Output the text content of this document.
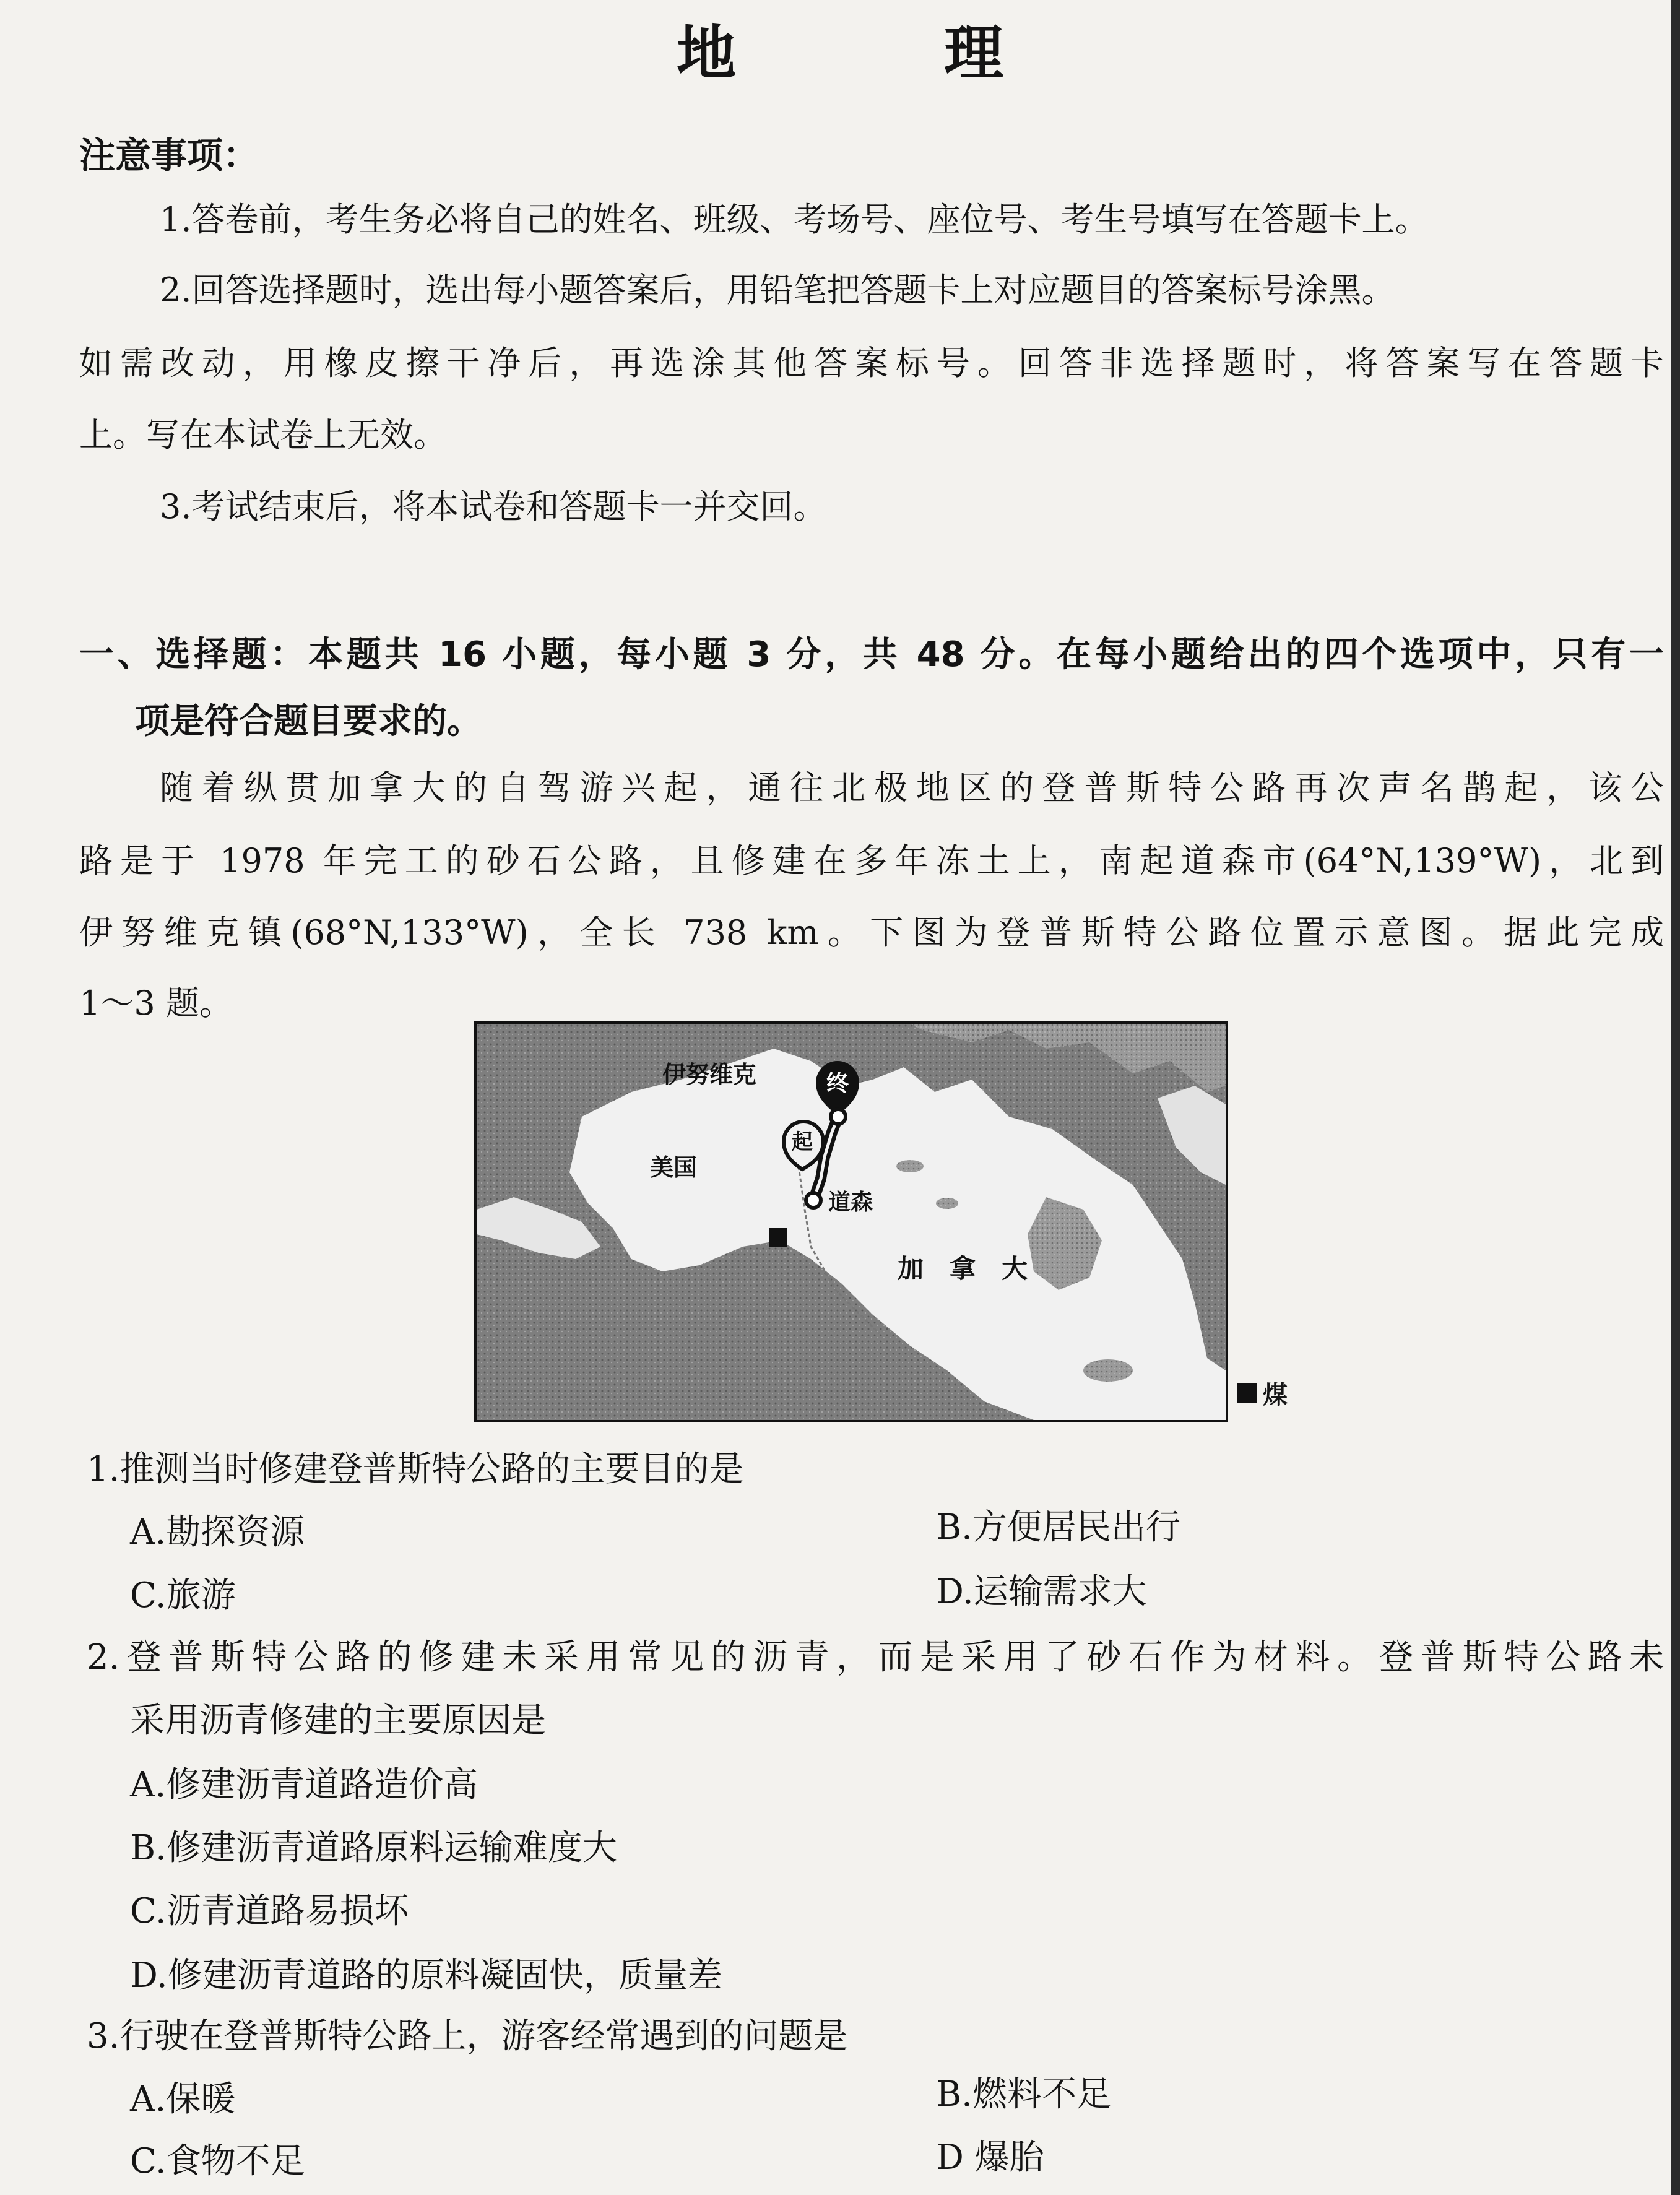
地　理
注意事项：
1.答卷前，考生务必将自己的姓名、班级、考场号、座位号、考生号填写在答题卡上。
2.回答选择题时，选出每小题答案后，用铅笔把答题卡上对应题目的答案标号涂黑。
如需改动，用橡皮擦干净后，再选涂其他答案标号。回答非选择题时，将答案写在答题卡
上。写在本试卷上无效。
3.考试结束后，将本试卷和答题卡一并交回。
一、选择题：本题共 16 小题，每小题 3 分，共 48 分。在每小题给出的四个选项中，只有一
项是符合题目要求的。
随着纵贯加拿大的自驾游兴起，通往北极地区的登普斯特公路再次声名鹊起，该公
路是于 1978 年完工的砂石公路，且修建在多年冻土上，南起道森市(64°N,139°W)，北到
伊努维克镇(68°N,133°W)，全长 738 km。下图为登普斯特公路位置示意图。据此完成
1～3 题。
终
起
伊努维克
美国
道森
加　拿　大
煤
1.推测当时修建登普斯特公路的主要目的是
A.勘探资源	B.方便居民出行
C.旅游	D.运输需求大
2.登普斯特公路的修建未采用常见的沥青，而是采用了砂石作为材料。登普斯特公路未
采用沥青修建的主要原因是
A.修建沥青道路造价高
B.修建沥青道路原料运输难度大
C.沥青道路易损坏
D.修建沥青道路的原料凝固快，质量差
3.行驶在登普斯特公路上，游客经常遇到的问题是
A.保暖	B.燃料不足
C.食物不足	D 爆胎
